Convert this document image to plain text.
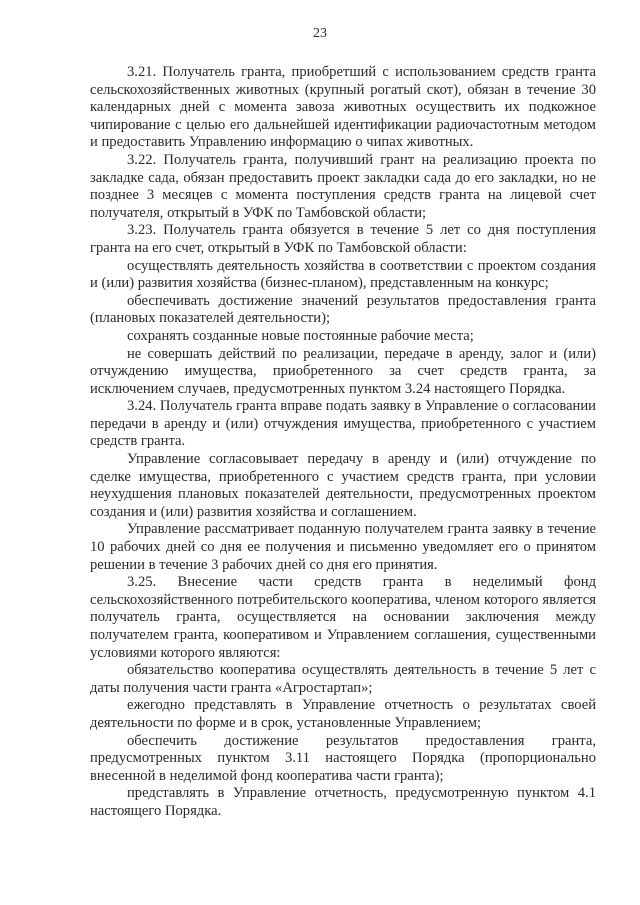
23

3.21. Получатель гранта, приобретший с использованием средств гранта сельскохозяйственных животных (крупный рогатый скот), обязан в течение 30 календарных дней с момента завоза животных осуществить их подкожное чипирование с целью его дальнейшей идентификации радиочастотным методом и предоставить Управлению информацию о чипах животных.

3.22. Получатель гранта, получивший грант на реализацию проекта по закладке сада, обязан предоставить проект закладки сада до его закладки, но не позднее 3 месяцев с момента поступления средств гранта на лицевой счет получателя, открытый в УФК по Тамбовской области;

3.23. Получатель гранта обязуется в течение 5 лет со дня поступления гранта на его счет, открытый в УФК по Тамбовской области:

осуществлять деятельность хозяйства в соответствии с проектом создания и (или) развития хозяйства (бизнес-планом), представленным на конкурс;

обеспечивать достижение значений результатов предоставления гранта (плановых показателей деятельности);

сохранять созданные новые постоянные рабочие места;

не совершать действий по реализации, передаче в аренду, залог и (или) отчуждению имущества, приобретенного за счет средств гранта, за исключением случаев, предусмотренных пунктом 3.24 настоящего Порядка.

3.24. Получатель гранта вправе подать заявку в Управление о согласовании передачи в аренду и (или) отчуждения имущества, приобретенного с участием средств гранта.

Управление согласовывает передачу в аренду и (или) отчуждение по сделке имущества, приобретенного с участием средств гранта, при условии неухудшения плановых показателей деятельности, предусмотренных проектом создания и (или) развития хозяйства и соглашением.

Управление рассматривает поданную получателем гранта заявку в течение 10 рабочих дней со дня ее получения и письменно уведомляет его о принятом решении в течение 3 рабочих дней со дня его принятия.

3.25. Внесение части средств гранта в неделимый фонд сельскохозяйственного потребительского кооператива, членом которого является получатель гранта, осуществляется на основании заключения между получателем гранта, кооперативом и Управлением соглашения, существенными условиями которого являются:

обязательство кооператива осуществлять деятельность в течение 5 лет с даты получения части гранта «Агростартап»;

ежегодно представлять в Управление отчетность о результатах своей деятельности по форме и в срок, установленные Управлением;

обеспечить достижение результатов предоставления гранта, предусмотренных пунктом 3.11 настоящего Порядка (пропорционально внесенной в неделимой фонд кооператива части гранта);

представлять в Управление отчетность, предусмотренную пунктом 4.1 настоящего Порядка.
